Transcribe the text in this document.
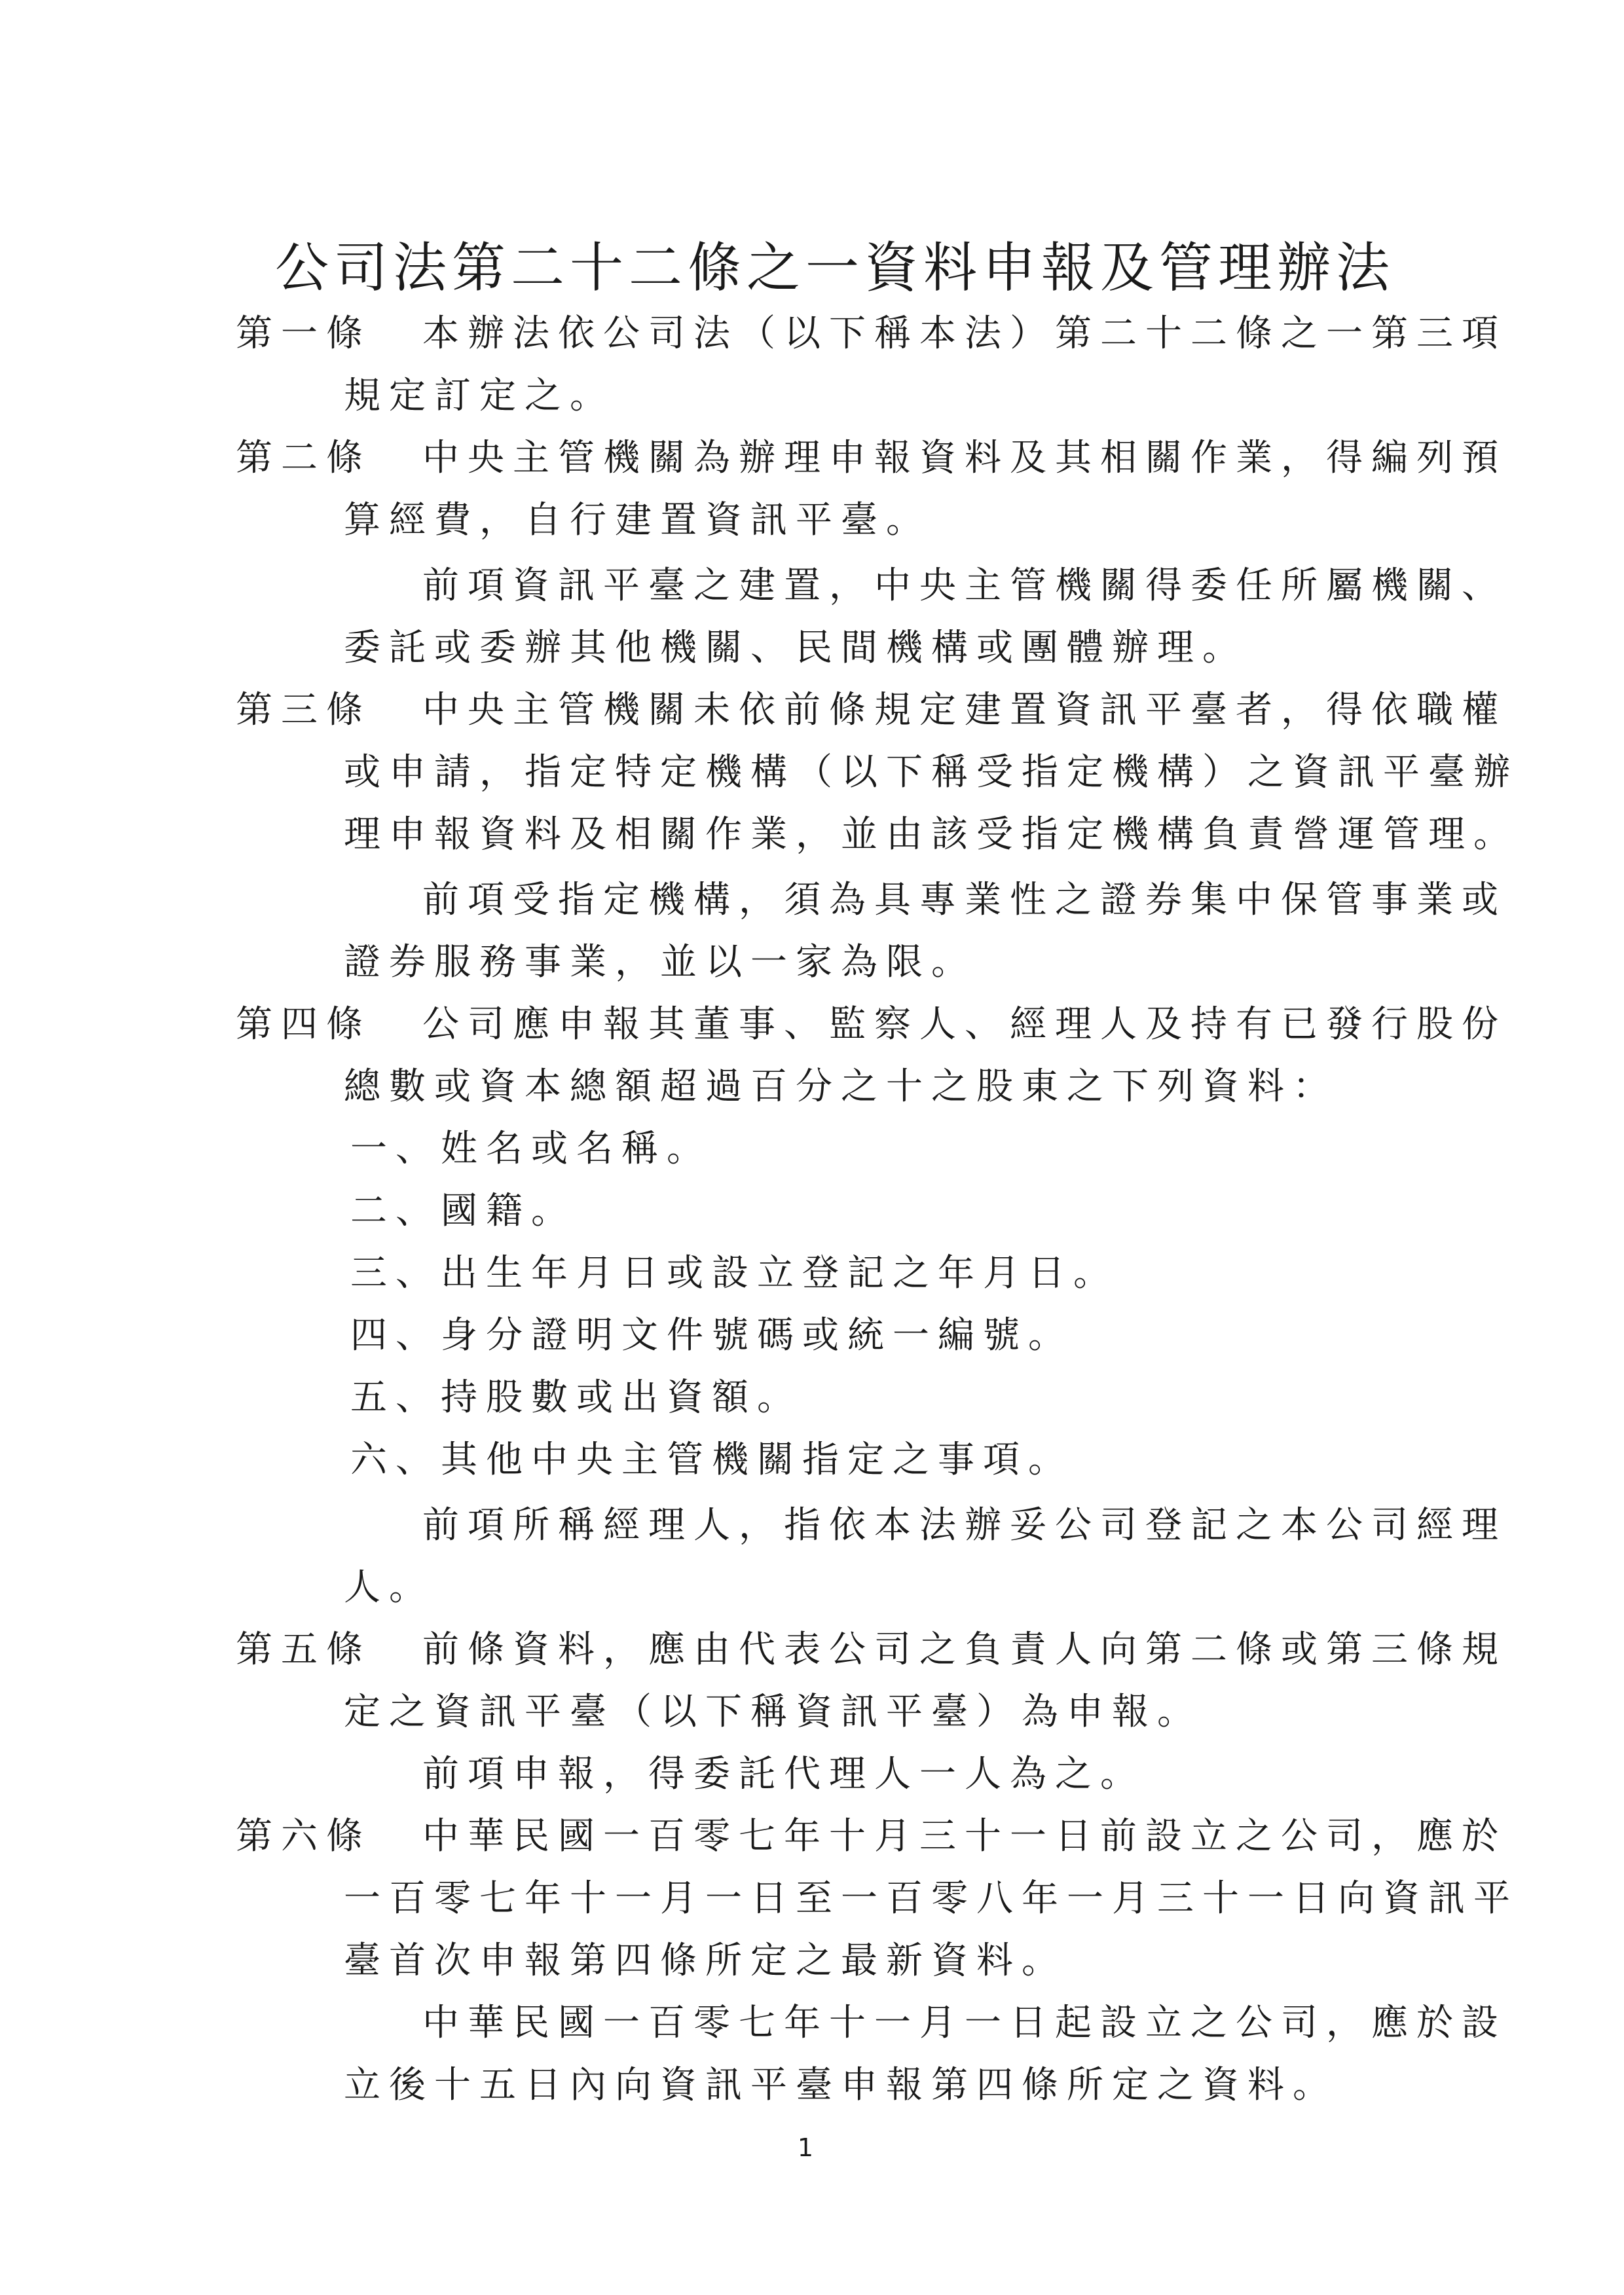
公司法第二十二條之一資料申報及管理辦法
第一條 本辦法依公司法（以下稱本法）第二十二條之一第三項
規定訂定之。
第二條 中央主管機關為辦理申報資料及其相關作業，得編列預
算經費，自行建置資訊平臺。
前項資訊平臺之建置，中央主管機關得委任所屬機關、
委託或委辦其他機關、民間機構或團體辦理。
第三條 中央主管機關未依前條規定建置資訊平臺者，得依職權
或申請，指定特定機構（以下稱受指定機構）之資訊平臺辦
理申報資料及相關作業，並由該受指定機構負責營運管理。
前項受指定機構，須為具專業性之證券集中保管事業或
證券服務事業，並以一家為限。
第四條 公司應申報其董事、監察人、經理人及持有已發行股份
總數或資本總額超過百分之十之股東之下列資料：
一、姓名或名稱。
二、國籍。
三、出生年月日或設立登記之年月日。
四、身分證明文件號碼或統一編號。
五、持股數或出資額。
六、其他中央主管機關指定之事項。
前項所稱經理人，指依本法辦妥公司登記之本公司經理
人。
第五條 前條資料，應由代表公司之負責人向第二條或第三條規
定之資訊平臺（以下稱資訊平臺）為申報。
前項申報，得委託代理人一人為之。
第六條 中華民國一百零七年十月三十一日前設立之公司，應於
一百零七年十一月一日至一百零八年一月三十一日向資訊平
臺首次申報第四條所定之最新資料。
中華民國一百零七年十一月一日起設立之公司，應於設
立後十五日內向資訊平臺申報第四條所定之資料。
1
